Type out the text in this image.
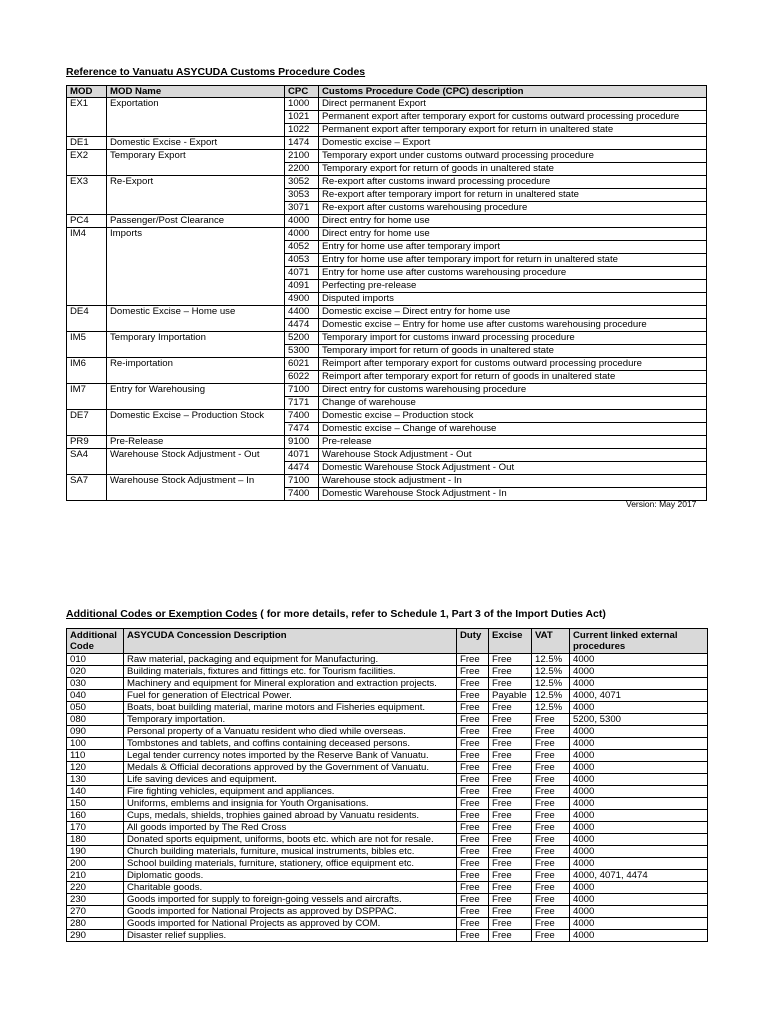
Reference to Vanuatu ASYCUDA Customs Procedure Codes
MOD	MOD Name	CPC	Customs Procedure Code (CPC) description
EX1	Exportation	1000	Direct permanent Export
		1021	Permanent export after temporary export for customs outward processing procedure
		1022	Permanent export after temporary export for return in unaltered state
DE1	Domestic Excise - Export	1474	Domestic excise – Export
EX2	Temporary Export	2100	Temporary export under customs outward processing procedure
		2200	Temporary export for return of goods in unaltered state
EX3	Re-Export	3052	Re-export after customs inward processing procedure
		3053	Re-export after temporary import for return in unaltered state
		3071	Re-export after customs warehousing procedure
PC4	Passenger/Post Clearance	4000	Direct entry for home use
IM4	Imports	4000	Direct entry for home use
		4052	Entry for home use after temporary import
		4053	Entry for home use after temporary import for return in unaltered state
		4071	Entry for home use after customs warehousing procedure
		4091	Perfecting pre-release
		4900	Disputed imports
DE4	Domestic Excise – Home use	4400	Domestic excise – Direct entry for home use
		4474	Domestic excise – Entry for home use after customs warehousing procedure
IM5	Temporary Importation	5200	Temporary import for customs inward processing procedure
		5300	Temporary import for return of goods in unaltered state
IM6	Re-importation	6021	Reimport after temporary export for customs outward processing procedure
		6022	Reimport after temporary export for return of goods in unaltered state
IM7	Entry for Warehousing	7100	Direct entry for customs warehousing procedure
		7171	Change of warehouse
DE7	Domestic Excise – Production Stock	7400	Domestic excise – Production stock
		7474	Domestic excise – Change of warehouse
PR9	Pre-Release	9100	Pre-release
SA4	Warehouse Stock Adjustment - Out	4071	Warehouse Stock Adjustment - Out
		4474	Domestic Warehouse Stock Adjustment - Out
SA7	Warehouse Stock Adjustment – In	7100	Warehouse stock adjustment - In
		7400	Domestic Warehouse Stock Adjustment - In
Version: May 2017
Additional Codes or Exemption Codes ( for more details, refer to Schedule 1, Part 3 of the Import Duties Act)
Additional Code	ASYCUDA Concession Description	Duty	Excise	VAT	Current linked external procedures
010	Raw material, packaging and equipment for Manufacturing.	Free	Free	12.5%	4000
020	Building materials, fixtures and fittings etc. for Tourism facilities.	Free	Free	12.5%	4000
030	Machinery and equipment for Mineral exploration and extraction projects.	Free	Free	12.5%	4000
040	Fuel for generation of Electrical Power.	Free	Payable	12.5%	4000, 4071
050	Boats, boat building material, marine motors and Fisheries equipment.	Free	Free	12.5%	4000
080	Temporary importation.	Free	Free	Free	5200, 5300
090	Personal property of a Vanuatu resident who died while overseas.	Free	Free	Free	4000
100	Tombstones and tablets, and coffins containing deceased persons.	Free	Free	Free	4000
110	Legal tender currency notes imported by the Reserve Bank of Vanuatu.	Free	Free	Free	4000
120	Medals & Official decorations approved by the Government of Vanuatu.	Free	Free	Free	4000
130	Life saving devices and equipment.	Free	Free	Free	4000
140	Fire fighting vehicles, equipment and appliances.	Free	Free	Free	4000
150	Uniforms, emblems and insignia for Youth Organisations.	Free	Free	Free	4000
160	Cups, medals, shields, trophies gained abroad by Vanuatu residents.	Free	Free	Free	4000
170	All goods imported by The Red Cross	Free	Free	Free	4000
180	Donated sports equipment, uniforms, boots etc. which are not for resale.	Free	Free	Free	4000
190	Church building materials, furniture, musical instruments, bibles etc.	Free	Free	Free	4000
200	School building materials, furniture, stationery, office equipment etc.	Free	Free	Free	4000
210	Diplomatic goods.	Free	Free	Free	4000, 4071, 4474
220	Charitable goods.	Free	Free	Free	4000
230	Goods imported for supply to foreign-going vessels and aircrafts.	Free	Free	Free	4000
270	Goods imported for National Projects as approved by DSPPAC.	Free	Free	Free	4000
280	Goods imported for National Projects as approved by COM.	Free	Free	Free	4000
290	Disaster relief supplies.	Free	Free	Free	4000
